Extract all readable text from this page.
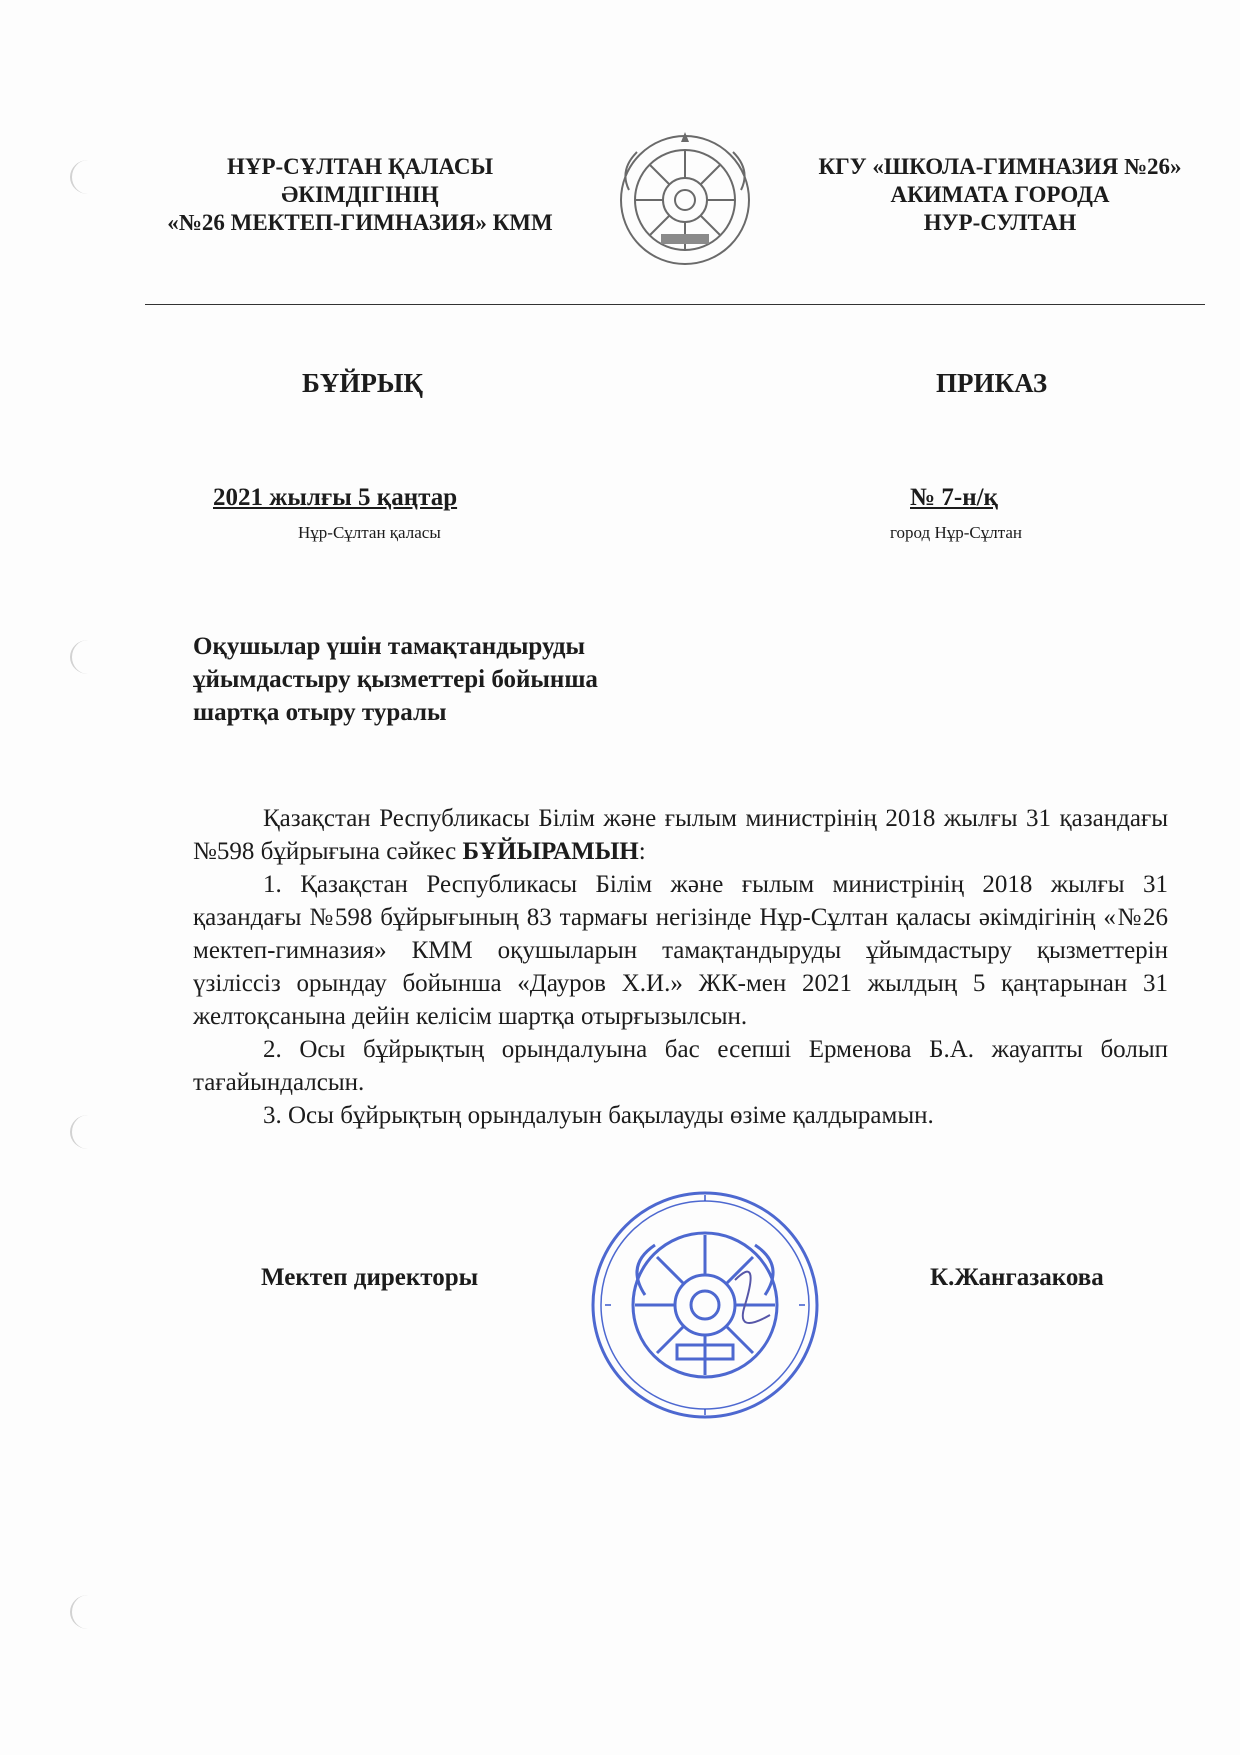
НҰР-СҰЛТАН ҚАЛАСЫ
ӘКІМДІГІНІҢ
«№26 МЕКТЕП-ГИМНАЗИЯ» КММ
КГУ «ШКОЛА-ГИМНАЗИЯ №26»
АКИМАТА ГОРОДА
НУР-СУЛТАН
БҰЙРЫҚ	ПРИКАЗ
2021 жылғы 5 қаңтар
Нұр-Сұлтан қаласы
№ 7-н/қ
город Нұр-Сұлтан
Оқушылар үшін тамақтандыруды
ұйымдастыру қызметтері бойынша
шартқа отыру туралы

Қазақстан Республикасы Білім және ғылым министрінің 2018 жылғы 31 қазандағы №598 бұйрығына сәйкес БҰЙЫРАМЫН:

1. Қазақстан Республикасы Білім және ғылым министрінің 2018 жылғы 31 қазандағы №598 бұйрығының 83 тармағы негізінде Нұр-Сұлтан қаласы әкімдігінің «№26 мектеп-гимназия» КММ оқушыларын тамақтандыруды ұйымдастыру қызметтерін үзіліссіз орындау бойынша «Дауров Х.И.» ЖК-мен 2021 жылдың 5 қаңтарынан 31 желтоқсанына дейін келісім шартқа отырғызылсын.

2. Осы бұйрықтың орындалуына бас есепші Ерменова Б.А. жауапты болып тағайындалсын.

3. Осы бұйрықтың орындалуын бақылауды өзіме қалдырамын.

Мектеп директоры	К.Жангазакова
